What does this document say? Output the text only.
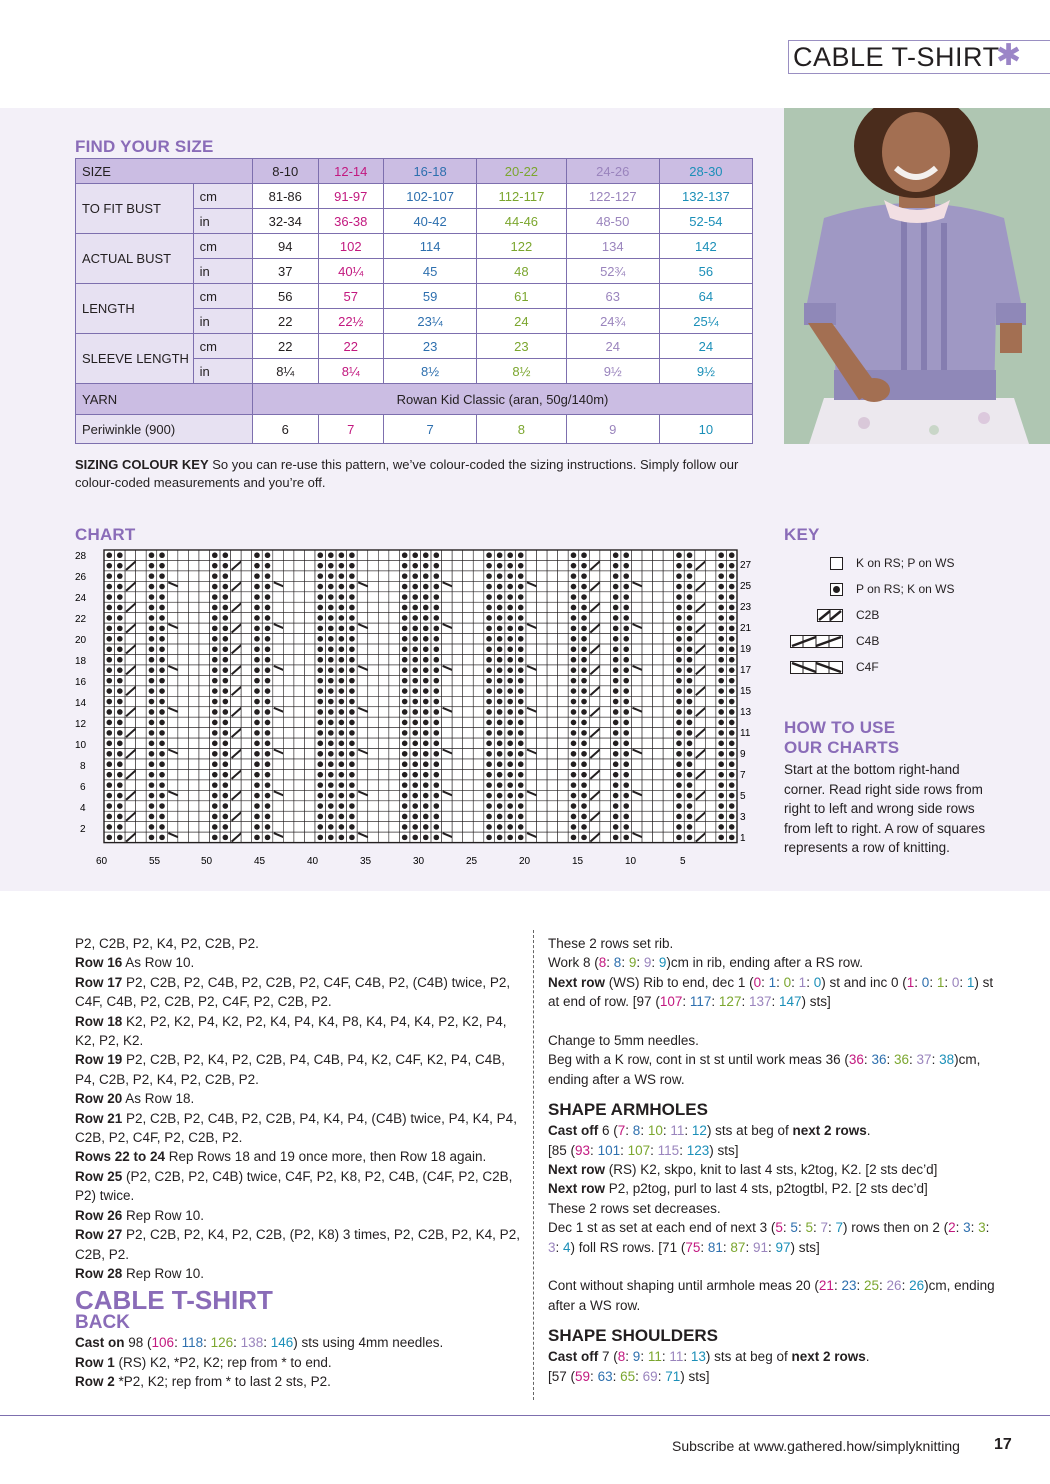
CABLE T-SHIRT
✱
FIND YOUR SIZE
SIZE		8-10	12-14	16-18	20-22	24-26	28-30
TO FIT BUST	cm	81-86	91-97	102-107	112-117	122-127	132-137
	in	32-34	36-38	40-42	44-46	48-50	52-54
ACTUAL BUST	cm	94	102	114	122	134	142
	in	37	40¼	45	48	52¾	56
LENGTH	cm	56	57	59	61	63	64
	in	22	22½	23¼	24	24¾	25¼
SLEEVE LENGTH	cm	22	22	23	23	24	24
	in	8¼	8¼	8½	8½	9½	9½
YARN		Rowan Kid Classic (aran, 50g/140m)					
Periwinkle (900)		6	7	7	8	9	10
SIZING COLOUR KEY So you can re-use this pattern, we’ve colour-coded the sizing instructions. Simply follow our colour-coded measurements and you’re off.
CHART
28
26
24
22
20
18
16
14
12
10
8
6
4
2
27
25
23
21
19
17
15
13
11
9
7
5
3
1
60	55	50	45	40	35	30	25	20	15	10	5
KEY
K on RS; P on WS
P on RS; K on WS
C2B
C4B
C4F
HOW TO USE
OUR CHARTS
Start at the bottom right-hand corner. Read right side rows from right to left and wrong side rows from left to right. A row of squares represents a row of knitting.

P2, C2B, P2, K4, P2, C2B, P2.

Row 16 As Row 10.

Row 17 P2, C2B, P2, C4B, P2, C2B, P2, C4F, C4B, P2, (C4B) twice, P2, C4F, C4B, P2, C2B, P2, C4F, P2, C2B, P2.

Row 18 K2, P2, K2, P4, K2, P2, K4, P4, K4, P8, K4, P4, K4, P2, K2, P4, K2, P2, K2.

Row 19 P2, C2B, P2, K4, P2, C2B, P4, C4B, P4, K2, C4F, K2, P4, C4B, P4, C2B, P2, K4, P2, C2B, P2.

Row 20 As Row 18.

Row 21 P2, C2B, P2, C4B, P2, C2B, P4, K4, P4, (C4B) twice, P4, K4, P4, C2B, P2, C4F, P2, C2B, P2.

Rows 22 to 24 Rep Rows 18 and 19 once more, then Row 18 again.

Row 25 (P2, C2B, P2, C4B) twice, C4F, P2, K8, P2, C4B, (C4F, P2, C2B, P2) twice.

Row 26 Rep Row 10.

Row 27 P2, C2B, P2, K4, P2, C2B, (P2, K8) 3 times, P2, C2B, P2, K4, P2, C2B, P2.

Row 28 Rep Row 10.

CABLE T-SHIRT

BACK

Cast on 98 (106: 118: 126: 138: 146) sts using 4mm needles.

Row 1 (RS) K2, *P2, K2; rep from * to end.

Row 2 *P2, K2; rep from * to last 2 sts, P2.

These 2 rows set rib.

Work 8 (8: 8: 9: 9: 9)cm in rib, ending after a RS row.

Next row (WS) Rib to end, dec 1 (0: 1: 0: 1: 0) st and inc 0 (1: 0: 1: 0: 1) st at end of row. [97 (107: 117: 127: 137: 147) sts]

Change to 5mm needles.

Beg with a K row, cont in st st until work meas 36 (36: 36: 36: 37: 38)cm, ending after a WS row.

SHAPE ARMHOLES

Cast off 6 (7: 8: 10: 11: 12) sts at beg of next 2 rows.

[85 (93: 101: 107: 115: 123) sts]

Next row (RS) K2, skpo, knit to last 4 sts, k2tog, K2. [2 sts dec’d]

Next row P2, p2tog, purl to last 4 sts, p2togtbl, P2. [2 sts dec’d]

These 2 rows set decreases.

Dec 1 st as set at each end of next 3 (5: 5: 5: 7: 7) rows then on 2 (2: 3: 3: 3: 4) foll RS rows. [71 (75: 81: 87: 91: 97) sts]

Cont without shaping until armhole meas 20 (21: 23: 25: 26: 26)cm, ending after a WS row.

SHAPE SHOULDERS

Cast off 7 (8: 9: 11: 11: 13) sts at beg of next 2 rows.

[57 (59: 63: 65: 69: 71) sts]

Subscribe at www.gathered.how/simplyknitting 17
